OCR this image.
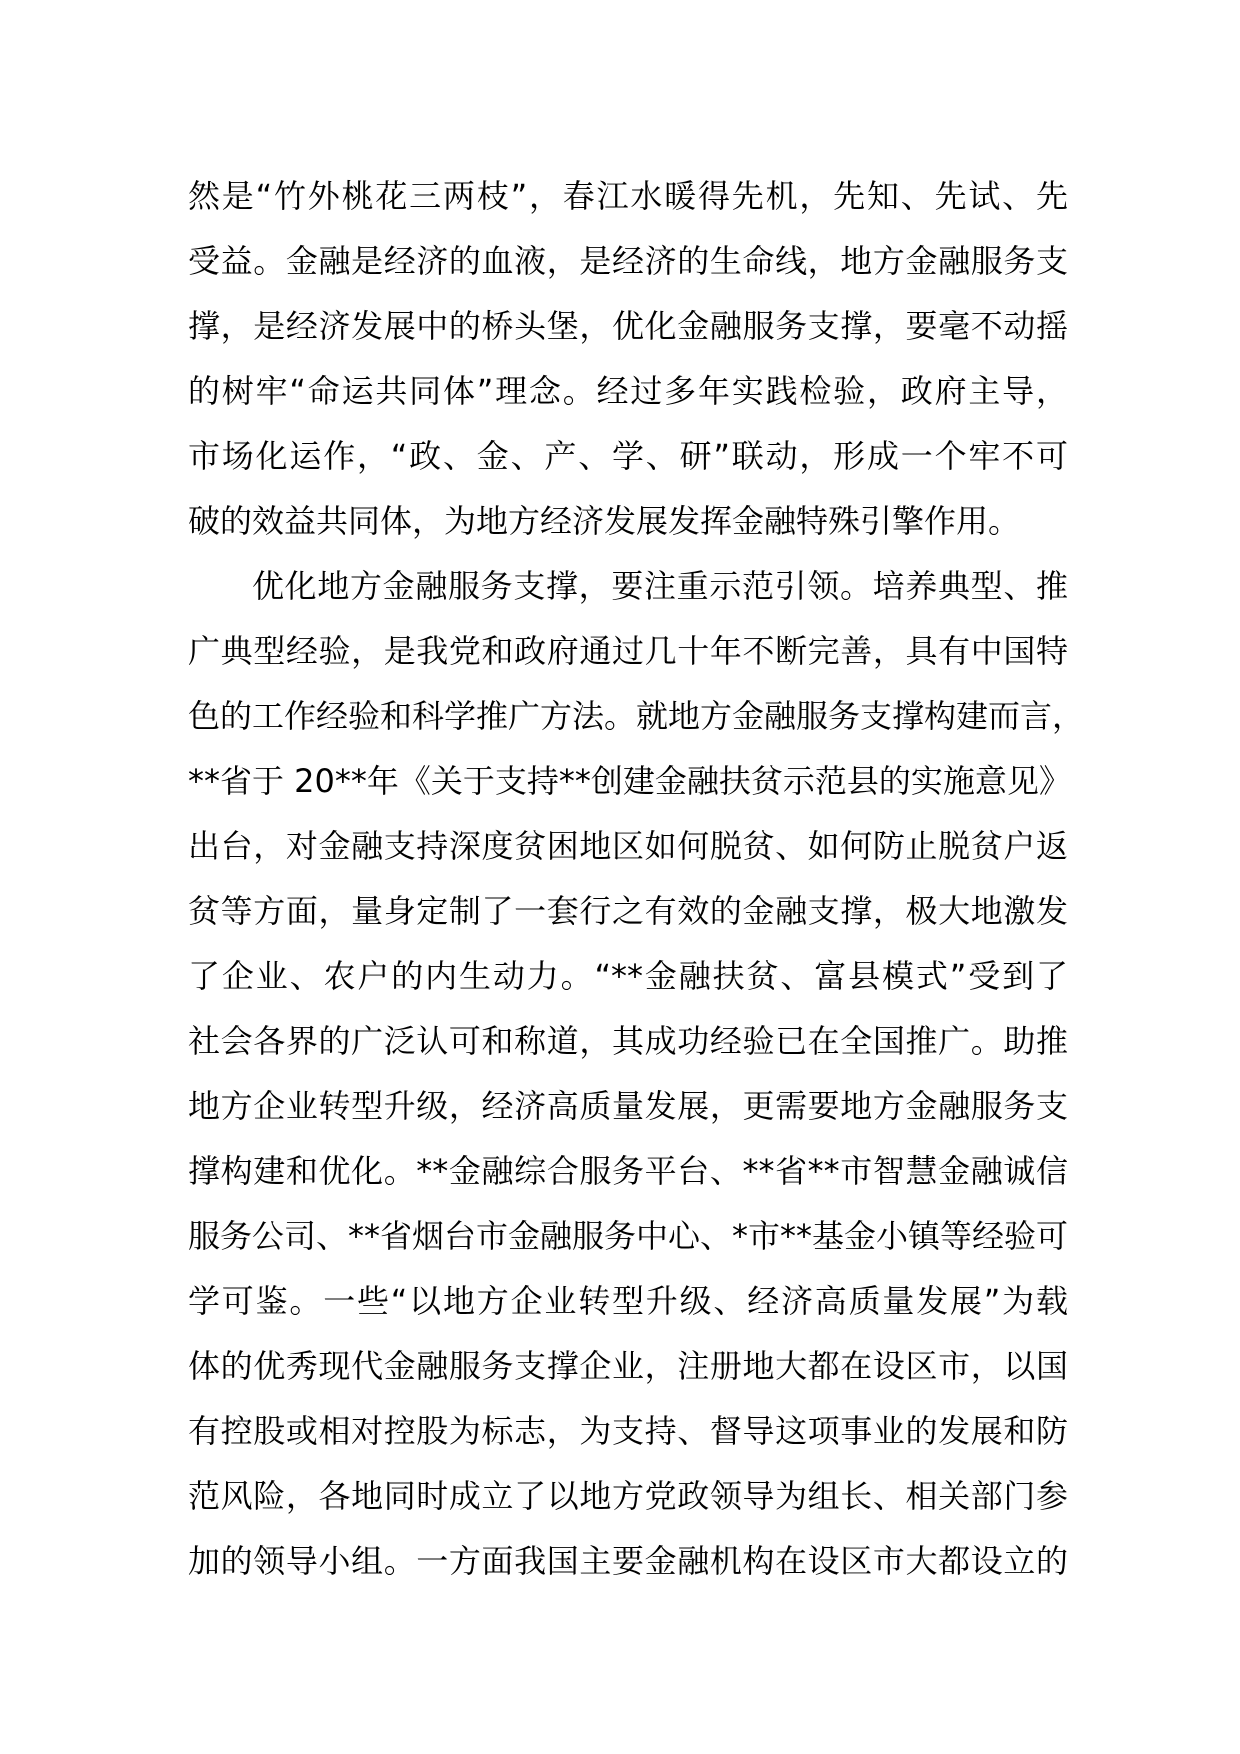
然是“竹外桃花三两枝”，春江水暖得先机，先知、先试、先
受益。金融是经济的血液，是经济的生命线，地方金融服务支
撑，是经济发展中的桥头堡，优化金融服务支撑，要毫不动摇
的树牢“命运共同体”理念。经过多年实践检验，政府主导，
市场化运作，“政、金、产、学、研”联动，形成一个牢不可
破的效益共同体，为地方经济发展发挥金融特殊引擎作用。
优化地方金融服务支撑，要注重示范引领。培养典型、推
广典型经验，是我党和政府通过几十年不断完善，具有中国特
色的工作经验和科学推广方法。就地方金融服务支撑构建而言，
**省于 20**年《关于支持**创建金融扶贫示范县的实施意见》
出台，对金融支持深度贫困地区如何脱贫、如何防止脱贫户返
贫等方面，量身定制了一套行之有效的金融支撑，极大地激发
了企业、农户的内生动力。“**金融扶贫、富县模式”受到了
社会各界的广泛认可和称道，其成功经验已在全国推广。助推
地方企业转型升级，经济高质量发展，更需要地方金融服务支
撑构建和优化。**金融综合服务平台、**省**市智慧金融诚信
服务公司、**省烟台市金融服务中心、*市**基金小镇等经验可
学可鉴。一些“以地方企业转型升级、经济高质量发展”为载
体的优秀现代金融服务支撑企业，注册地大都在设区市，以国
有控股或相对控股为标志，为支持、督导这项事业的发展和防
范风险，各地同时成立了以地方党政领导为组长、相关部门参
加的领导小组。一方面我国主要金融机构在设区市大都设立的
